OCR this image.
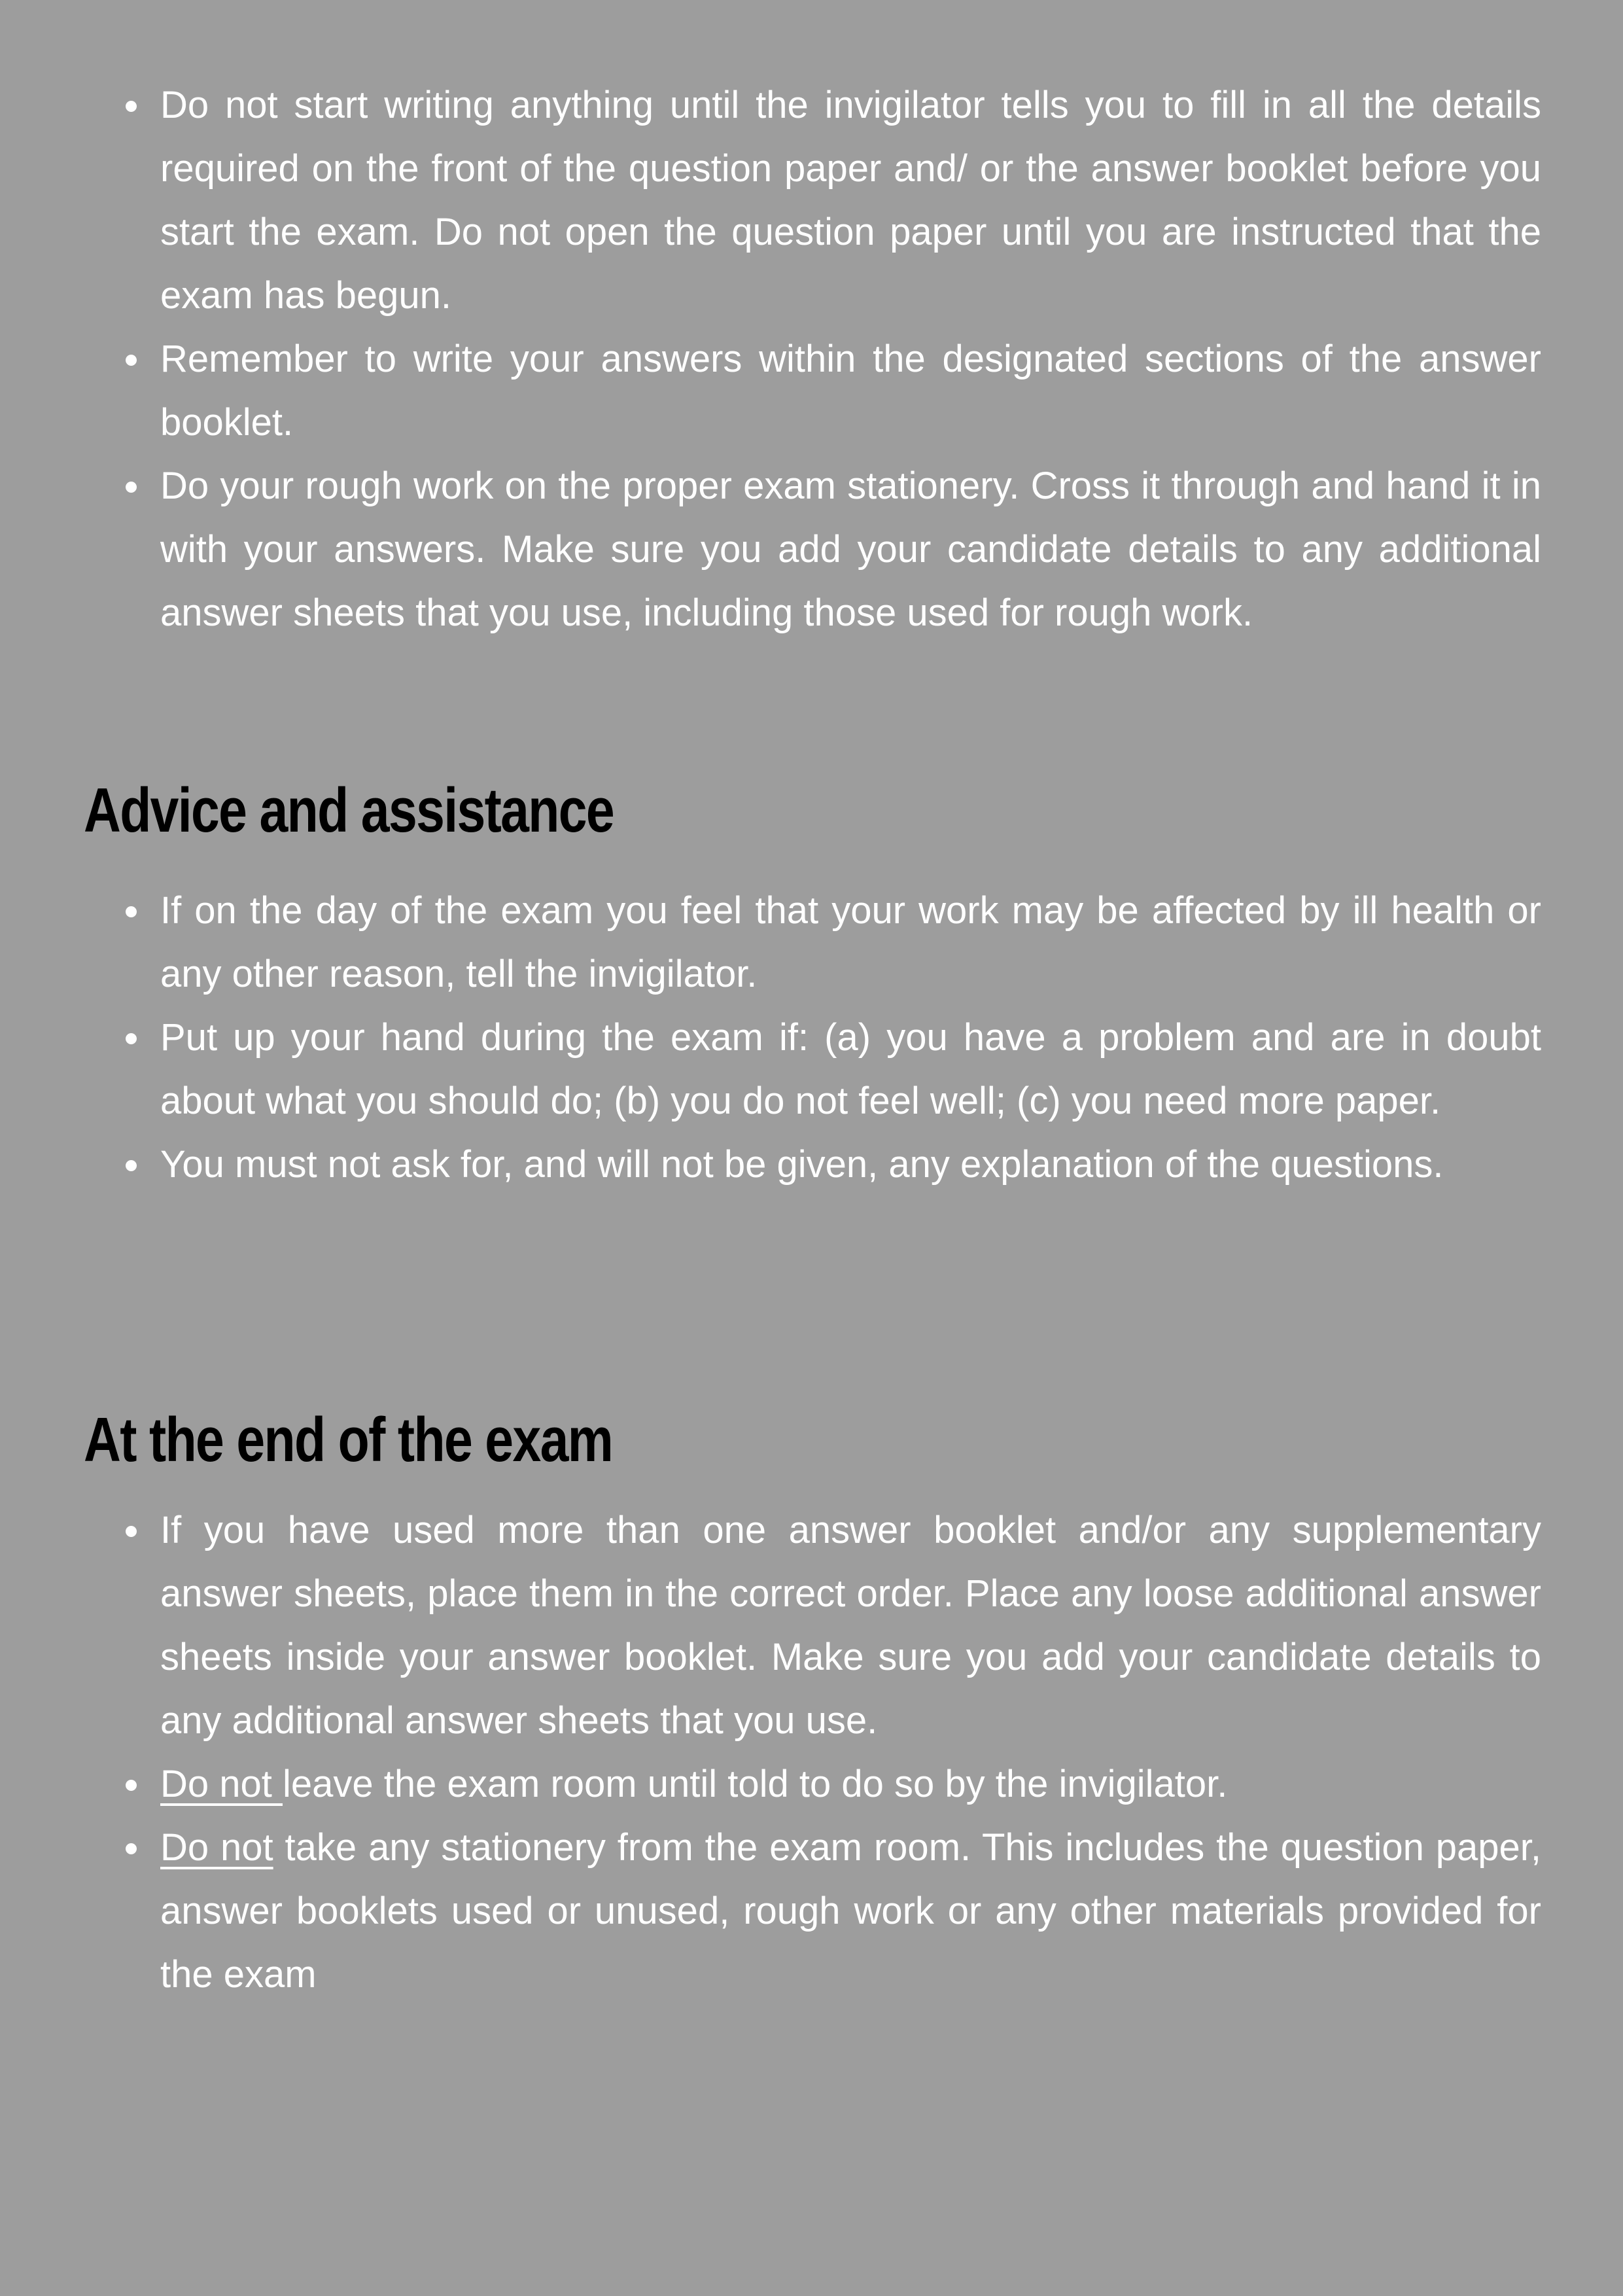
Do not start writing anything until the invigilator tells you to fill in all the details required on the front of the question paper and/ or the answer booklet before you start the exam. Do not open the question paper until you are instructed that the exam has begun.
Remember to write your answers within the designated sections of the answer booklet.
Do your rough work on the proper exam stationery. Cross it through and hand it in with your answers. Make sure you add your candidate details to any additional answer sheets that you use, including those used for rough work.
Advice and assistance
If on the day of the exam you feel that your work may be affected by ill health or any other reason, tell the invigilator.
Put up your hand during the exam if: (a) you have a problem and are in doubt about what you should do; (b) you do not feel well; (c) you need more paper.
You must not ask for, and will not be given, any explanation of the questions.
At the end of the exam
If you have used more than one answer booklet and/or any supplementary answer sheets, place them in the correct order. Place any loose additional answer sheets inside your answer booklet. Make sure you add your candidate details to any additional answer sheets that you use.
Do not leave the exam room until told to do so by the invigilator.
Do not take any stationery from the exam room. This includes the question paper, answer booklets used or unused, rough work or any other materials provided for the exam
